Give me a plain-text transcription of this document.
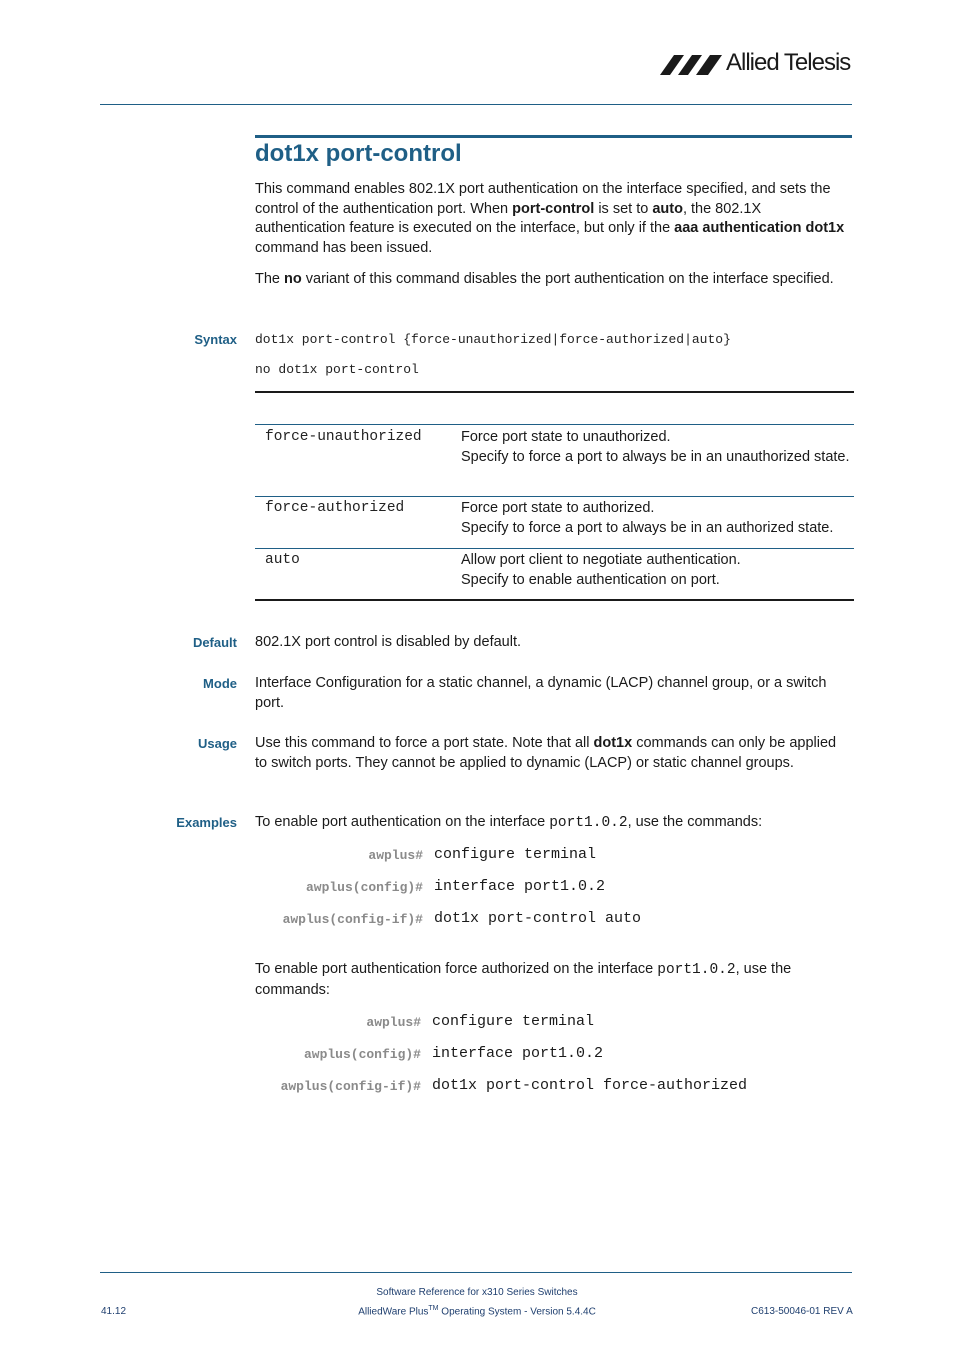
Allied Telesis
dot1x port-control
This command enables 802.1X port authentication on the interface specified, and sets the control of the authentication port. When port-control is set to auto, the 802.1X authentication feature is executed on the interface, but only if the aaa authentication dot1x command has been issued.
The no variant of this command disables the port authentication on the interface specified.
Syntax dot1x port-control {force-unauthorized|force-authorized|auto}
no dot1x port-control
force-unauthorized	Force port state to unauthorized.
Specify to force a port to always be in an unauthorized state.
force-authorized	Force port state to authorized.
Specify to force a port to always be in an authorized state.
auto	Allow port client to negotiate authentication.
Specify to enable authentication on port.
Default 802.1X port control is disabled by default.
Mode Interface Configuration for a static channel, a dynamic (LACP) channel group, or a switch port.
Usage Use this command to force a port state. Note that all dot1x commands can only be applied to switch ports. They cannot be applied to dynamic (LACP) or static channel groups.
Examples To enable port authentication on the interface port1.0.2, use the commands:
awplus# configure terminal
awplus(config)# interface port1.0.2
awplus(config-if)# dot1x port-control auto
To enable port authentication force authorized on the interface port1.0.2, use the commands:
awplus# configure terminal
awplus(config)# interface port1.0.2
awplus(config-if)# dot1x port-control force-authorized
Software Reference for x310 Series Switches
AlliedWare Plus™ Operating System - Version 5.4.4C
41.12	C613-50046-01 REV A
